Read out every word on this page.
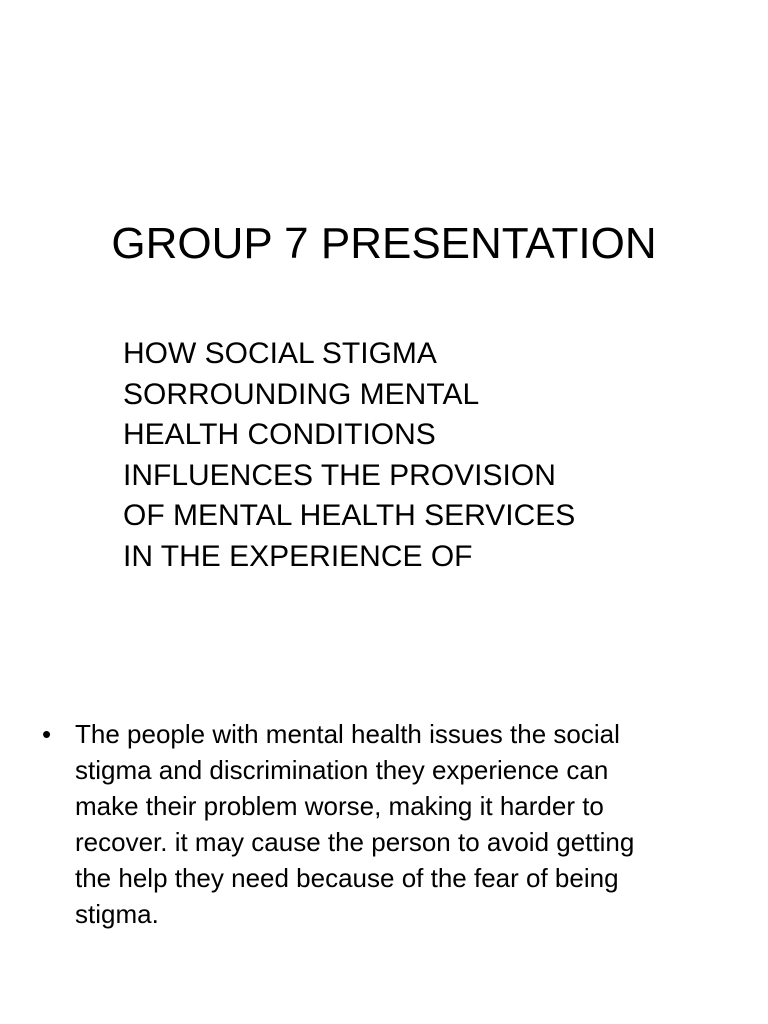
GROUP 7 PRESENTATION
HOW SOCIAL STIGMA
SORROUNDING MENTAL
HEALTH CONDITIONS
INFLUENCES THE PROVISION
OF MENTAL HEALTH SERVICES
IN THE EXPERIENCE OF
• The people with mental health issues the social
stigma and discrimination they experience can
make their problem worse, making it harder to
recover. it may cause the person to avoid getting
the help they need because of the fear of being
stigma.
